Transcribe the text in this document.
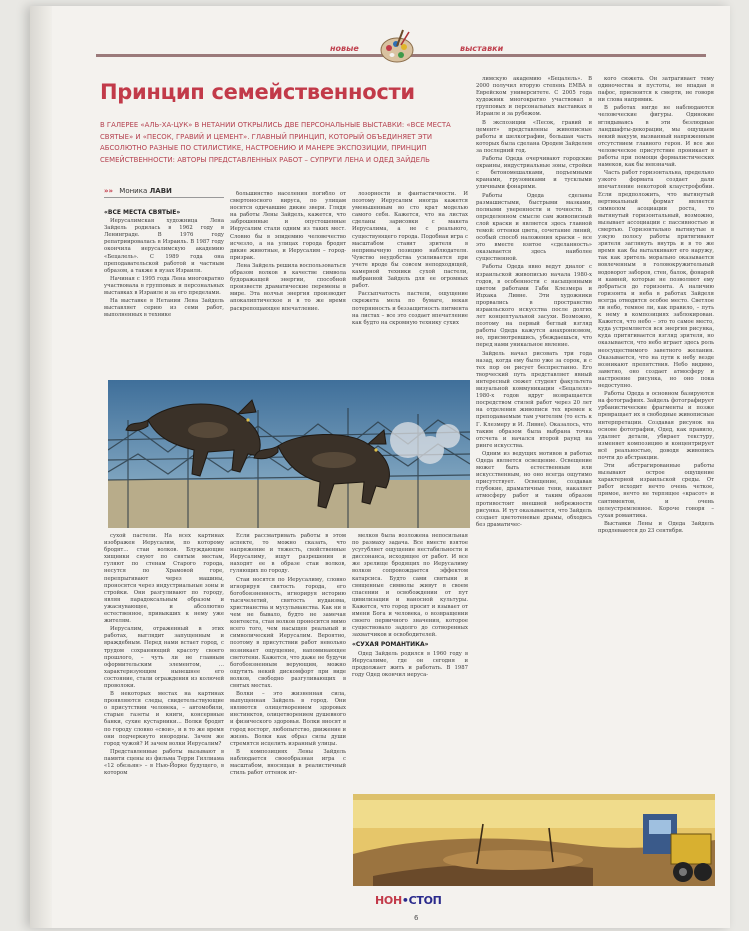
новые	выставки
Принцип семейственности

В ГАЛЕРЕЕ «АЛЬ-ХА-ЦУК» В НЕТАНИИ ОТКРЫЛИСЬ ДВЕ ПЕРСОНАЛЬНЫЕ ВЫСТАВКИ: «ВСЕ МЕСТА СВЯТЫЕ» И «ПЕСОК, ГРАВИЙ И ЦЕМЕНТ». ГЛАВНЫЙ ПРИНЦИП, КОТОРЫЙ ОБЪЕДИНЯЕТ ЭТИ АБСОЛЮТНО РАЗНЫЕ ПО СТИЛИСТИКЕ, НАСТРОЕНИЮ И МАНЕРЕ ЭКСПОЗИЦИИ, ПРИНЦИП СЕМЕЙСТВЕННОСТИ: АВТОРЫ ПРЕДСТАВЛЕННЫХ РАБОТ – СУПРУГИ ЛЕНА И ОДЕД ЗАЙДЕЛЬ

»» Моника ЛАВИ
«ВСЕ МЕСТА СВЯТЫЕ»

Иерусалимская художница Лена Зайдель родилась в 1962 году в Ленинграде. В 1976 году репатриировалась в Израиль. В 1987 году окончила иерусалимскую академию «Бецалель». С 1989 года она преподавательской работой и частным образом, а также в вузах Израиля.

Начиная с 1995 года Лена многократно участвовала в групповых и персональных выставках в Израиле и за его пределами.

На выставке в Нетании Лена Зайдель выставляет серию из семи работ, выполненных в технике

большинство населения погибло от смертоносного вируса, по улицам носятся одичавшие дикие звери. Глядя на работы Лены Зайдель, кажется, что заброшенные и опустошенные Иерусалим стали одним из таких мест. Словно бы в эпидемию человечество исчезло, а на улицах города бродят дикие животные, и Иерусалим – город-призрак.

Лена Зайдель решила воспользоваться образом волков в качестве символа будоражащей энергии, способной произвести драматические перемены в мире. Эта волчья энергия производит апокалиптическое и в то же время раскрепощающее впечатление.

лозорности и фантастичности. И поэтому Иерусалим иногда кажется уменьшенным во сто крат моделью самого себя. Кажется, что на листах сделаны зарисовки с макета Иерусалима, а не с реального, существующего города. Подобная игра с масштабом ставит зрителя в непривычную позицию наблюдателя. Чувство неудобства усиливается при учете вроде бы совсем неподходящей, камерной техники сухой пастели, выбранной Зайдель для ее огромных работ.

Рассыпчатость пастели, ощущение скрежета мела по бумаге, некая потерянность и беззащитность пигмента на листах – все это создает впечатление как будто на скромную технику сухих

лимскую академию «Бецалель». В 2000 получил вторую степень EMBA в Еврейском университете. С 2005 года художник многократно участвовал в групповых и персональных выставках в Израиле и за рубежом.

В экспозиции «Песок, гравий и цемент» представлены живописные работы и шелкографии, большая часть которых была сделана Ородем Зайделем за последний год.

Работы Одеда очерчивают городские окраины, индустриальные зоны, стройки с бетономешалками, подъемными кранами, грузовиками и тусклыми уличными фонарями.

Работы Одеда сделаны размашистыми, быстрыми мазками, полными уверенности и точности. В определенном смысле сам живописный слой краски и является здесь главной темой: оттенки цвета, сочетание линий, особый способ наложения краски – все это вместе взятое «сделанность» оказывается здесь наиболее существенной.

Работы Одеда явно ведут диалог с израильской живописью начала 1980-х годов, в особенности с насыщенными цветом работами Габи Клезмера и Ицхака Ливне. Эти художники прорвались в пространство израильского искусства после долгих лет концептуальной засухи. Возможно, поэтому на первый беглый взгляд работы Одеда кажутся анахронизмом, но, присмотревшись, убеждаешься, что перед нами уникальное явление.

Зайдель начал рисовать три года назад, когда ему было уже за сорок, и с тех пор он рисует беспрестанно. Его творческий путь представляет явный интересный сюжет студент факультета визуальной коммуникации «Бецалеля» 1980-х годов вдруг возвращается посредством стилей работ через 20 лет на отделения живописи тех времен к преподаваемым там учителям (то есть к Г. Клезмеру и И. Ливне). Оказалось, что таким образом была выбрана точка отсчета и начался второй раунд на ринге искусства.

Одним из ведущих мотивов в работах Одеда является освещение. Освещение может быть естественным или искусственным, но оно всегда ощутимо присутствует. Освещение, создавая глубокие, драматичные тени, накаляет атмосферу работ и таким образом противостоит внешней небрежности рисунка. И тут оказывается, что Зайдель создает цветотеневые драмы, обходясь без драматичес-

кого сюжета. Он затрагивает тему одиночества и пустоты, не впадая в пафос, присвоится к смерти, не говоря ни слова напрямик.

В работах нигде не наблюдаются человеческие фигуры. Одинокие вглядываясь в эти безлюдные ландшафты-декорации, мы ощущаем некий вакуум, вызванный напряженным отсутствием главного героя. И все же человеческое присутствие проникает в работы при помощи формалистических намеков, как бы невзначай.

Часть работ горизонтальна, предельно узкого формата создает дали впечатление некоторой клаустрофобии. Если предположить, что вытянутый вертикальный формат является символом асоциации роста, то вытянутый горизонтальный, возможно, вызывает ассоциации с пассивностью и смертью. Горизонтально вытянутые в узкую полосу работы притягивают зрителя заглянуть внутрь и в то же время как бы выталкивают его наружу, так как зритель морально оказывается вовлеченным в головокружительный водоворот заборов, стен, балок, фонарей и камней, которые не позволяют ему добраться до горизонта. А наличию горизонта и неба в работах Зайделя всегда отводится особое место. Светлое ли небо, темное ли, как правило, – путь к нему в композициях заблокирован. Кажется, что небо – это то самое место, куда устремляется вся энергия рисунка, куда притягивается взгляд зрителя, но оказывается, что небо играет здесь роль неосуществимого заветного желания. Оказывается, что на пути к небу везде возникают препятствия. Небо видимо, заметно, оно создает атмосферу и настроение рисунка, но оно пока недоступно.

Работы Одеда в основном базируются на фотографиях. Зайдель фотографирует урбанистические фрагменты и позже превращает их в свободные живописные интерпретации. Создавая рисунок на основе фотографии, Одед, как правило, удаляет детали, убирает текстуру, изменяет композицию и концентрирует всё реальностью, доводя живопись почти до абстракции.

Эти абстрагированные работы вызывают острое ощущение характерной израильской среды. От работ исходит нечто очень четкое, прямое, нечто не терпящее «красот» и сантиментов, и очень целеустремленное. Короче говоря – сухая романтика.

Выставки Лены и Одеда Зайдель продлеваются до 23 сентября.

сухой пастели. На всех картинах изображен Иерусалим, по которому бродят… стаи волков. Блуждающие хищники снуют по святым местам, гуляют по стенам Старого города, несутся по Храмовой горе, перепрыгивают через машины, проносятся через индустриальные зоны и стройки. Они разгуливают по городу, являя парадоксальным образом и ужаснувающее, и абсолютно естественное, привыкших к нему уже жителям.

Иерусалим, отраженный в этих работах, выглядит запущенным и враждебным. Перед нами встает город, с трудом сохраняющий красоту своего прошлого, – чуть ли не главным оформительским элементом, … характеризующим нынешнее его состояние, стали ограждения из колючей проволоки.

В некоторых местах на картинах проявляются следы, свидетельствующие о присутствии человека, – автомобили, старые газеты и книги, консервные банки, сухие кустарники… Волки бродят по городу словно «свои», и в то же время они подчеркнуто инородны. Зачем же город чужой? И зачем волки Иерусалим?

Представленные работы вызывают в памяти сцены из фильма Терри Гиллиама «12 обезьян» – в Нью-Йорке будущего, в котором

Если рассматривать работы в этом аспекте, то можно сказать, что напряжение и тяжесть, свойственные Иерусалиму, ищут разрешения и находят ее в образе стаи волков, гуляющих по городу.

Стаи носятся по Иерусалиму, словно игнорируя святость города, его богобоязненность, игнорируя историю тысячелетий, святость иудаизма, христианства и мусульманства. Как ни в чем не бывало, будто не замечая контекста, стая волков проносится мимо всего того, чем насыщен реальный и символический Иерусалим. Вероятно, поэтому в присутствии работ невольно возникает ощущение, напоминающее светотени. Кажется, что даже не будучи богобоязненным верующим, можно ощутить некий дискомфорт при виде волков, свободно разгуливающих в святых местах.

Волки – это жизненная сила, выпущенная Зайдель в город. Они являются олицетворением здоровых инстинктов, олицетворением душевного и физического здоровья. Волки вносят в город восторг, любопытство, движение и жизнь. Волки как образ силы души стремятся исцелить изранный улицы.

В композициях Лены Зайдель наблюдается своеобразная игра с масштабом, вносящая в реалистичный стиль работ оттенок иг-

мелков была возложена непосильная по размаху задача. Все вместе взятое усугубляет ощущение нестабильности и диссонанса, исходящее от работ. И все же зрелище бродящих по Иерусалиму волков сопровождается эффектом катарсиса. Будто сами святыни и священные символы живут в своем спасении и освобождении от пут цивилизации и наносной культуры. Кажется, что город просит и взывает от имени Бога и человека, о возвращении своего первичного значения, которое существовало задолго до сотворенных захватчиков и освободителей.

«СУХАЯ РОМАНТИКА»

Одед Зайдель родился в 1960 году в Иерусалиме, где он сегодня и продолжает жить и работать. В 1987 году Одед окончил иеруса-

НОН•СТОП
6
